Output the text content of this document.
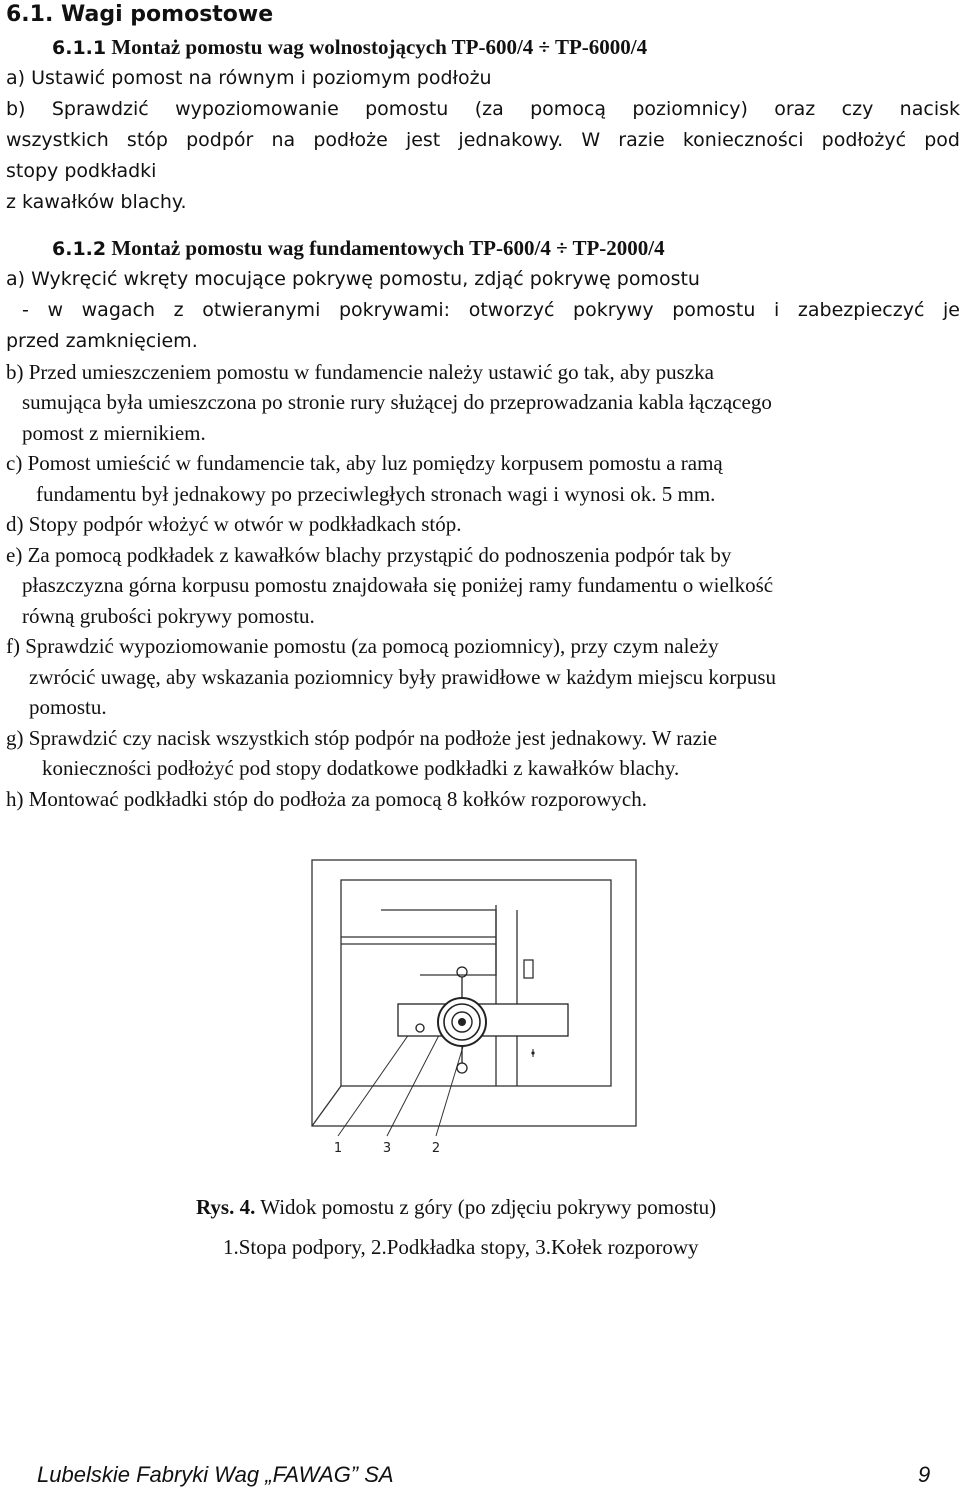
6.1. Wagi pomostowe
6.1.1 Montaż pomostu wag wolnostojących TP-600/4 ÷ TP-6000/4
a) Ustawić pomost na równym i poziomym podłożu
b) Sprawdzić wypoziomowanie pomostu (za pomocą poziomnicy) oraz czy nacisk
wszystkich stóp podpór na podłoże jest jednakowy. W razie konieczności podłożyć pod
stopy podkładki
z kawałków blachy.
6.1.2 Montaż pomostu wag fundamentowych TP-600/4 ÷ TP-2000/4
a) Wykręcić wkręty mocujące pokrywę pomostu, zdjąć pokrywę pomostu
- w wagach z otwieranymi pokrywami: otworzyć pokrywy pomostu i zabezpieczyć je
przed zamknięciem.
b) Przed umieszczeniem pomostu w fundamencie należy ustawić go tak, aby puszka
sumująca była umieszczona po stronie rury służącej do przeprowadzania kabla łączącego
pomost z miernikiem.
c) Pomost umieścić w fundamencie tak, aby luz pomiędzy korpusem pomostu a ramą
fundamentu był jednakowy po przeciwległych stronach wagi i wynosi ok. 5 mm.
d) Stopy podpór włożyć w otwór w podkładkach stóp.
e) Za pomocą podkładek z kawałków blachy przystąpić do podnoszenia podpór tak by
płaszczyzna górna korpusu pomostu znajdowała się poniżej ramy fundamentu o wielkość
równą grubości pokrywy pomostu.
f) Sprawdzić wypoziomowanie pomostu (za pomocą poziomnicy), przy czym należy
zwrócić uwagę, aby wskazania poziomnicy były prawidłowe w każdym miejscu korpusu
pomostu.
g) Sprawdzić czy nacisk wszystkich stóp podpór na podłoże jest jednakowy. W razie
konieczności podłożyć pod stopy dodatkowe podkładki z kawałków blachy.
h) Montować podkładki stóp do podłoża za pomocą 8 kołków rozporowych.
1	3	2
Rys. 4. Widok pomostu z góry (po zdjęciu pokrywy pomostu)
1.Stopa podpory, 2.Podkładka stopy, 3.Kołek rozporowy
Lubelskie Fabryki Wag „FAWAG” SA	9
